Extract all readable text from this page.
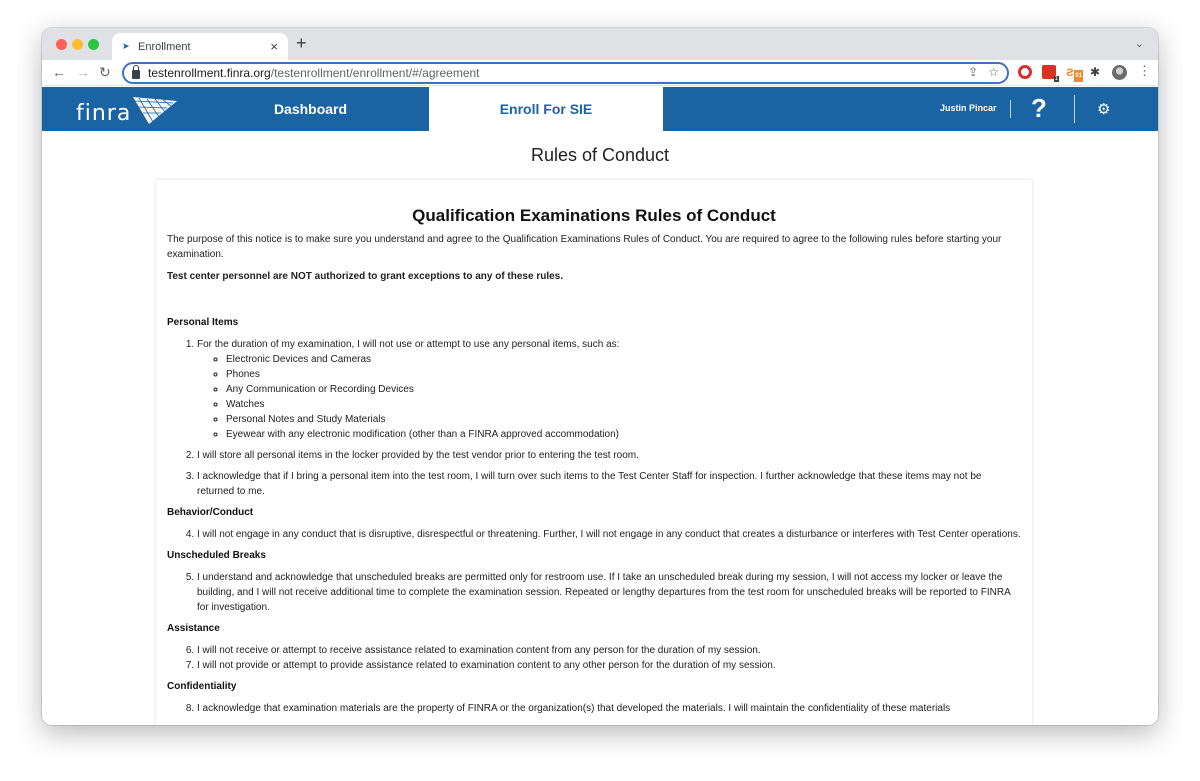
➤ Enrollment	× +	⌄
← → ↻	testenrollment.finra.org/testenrollment/enrollment/#/agreement	⇪ ☆	1 ƨ 01 ✱	⋮
finra	Dashboard	Enroll For SIE	Justin Pincar ?	⚙
Rules of Conduct
Qualification Examinations Rules of Conduct

The purpose of this notice is to make sure you understand and agree to the Qualification Examinations Rules of Conduct. You are required to agree to the following rules before starting your examination.

Test center personnel are NOT authorized to grant exceptions to any of these rules.

Personal Items
1. For the duration of my examination, I will not use or attempt to use any personal items, such as:
◦ Electronic Devices and Cameras
◦ Phones
◦ Any Communication or Recording Devices
◦ Watches
◦ Personal Notes and Study Materials
◦ Eyewear with any electronic modification (other than a FINRA approved accommodation)
2. I will store all personal items in the locker provided by the test vendor prior to entering the test room.
3. I acknowledge that if I bring a personal item into the test room, I will turn over such items to the Test Center Staff for inspection. I further acknowledge that these items may not be returned to me.
Behavior/Conduct
4. I will not engage in any conduct that is disruptive, disrespectful or threatening. Further, I will not engage in any conduct that creates a disturbance or interferes with Test Center operations.
Unscheduled Breaks
5. I understand and acknowledge that unscheduled breaks are permitted only for restroom use. If I take an unscheduled break during my session, I will not access my locker or leave the building, and I will not receive additional time to complete the examination session. Repeated or lengthy departures from the test room for unscheduled breaks will be reported to FINRA for investigation.
Assistance
6. I will not receive or attempt to receive assistance related to examination content from any person for the duration of my session.
7. I will not provide or attempt to provide assistance related to examination content to any other person for the duration of my session.
Confidentiality
8. I acknowledge that examination materials are the property of FINRA or the organization(s) that developed the materials. I will maintain the confidentiality of these materials
